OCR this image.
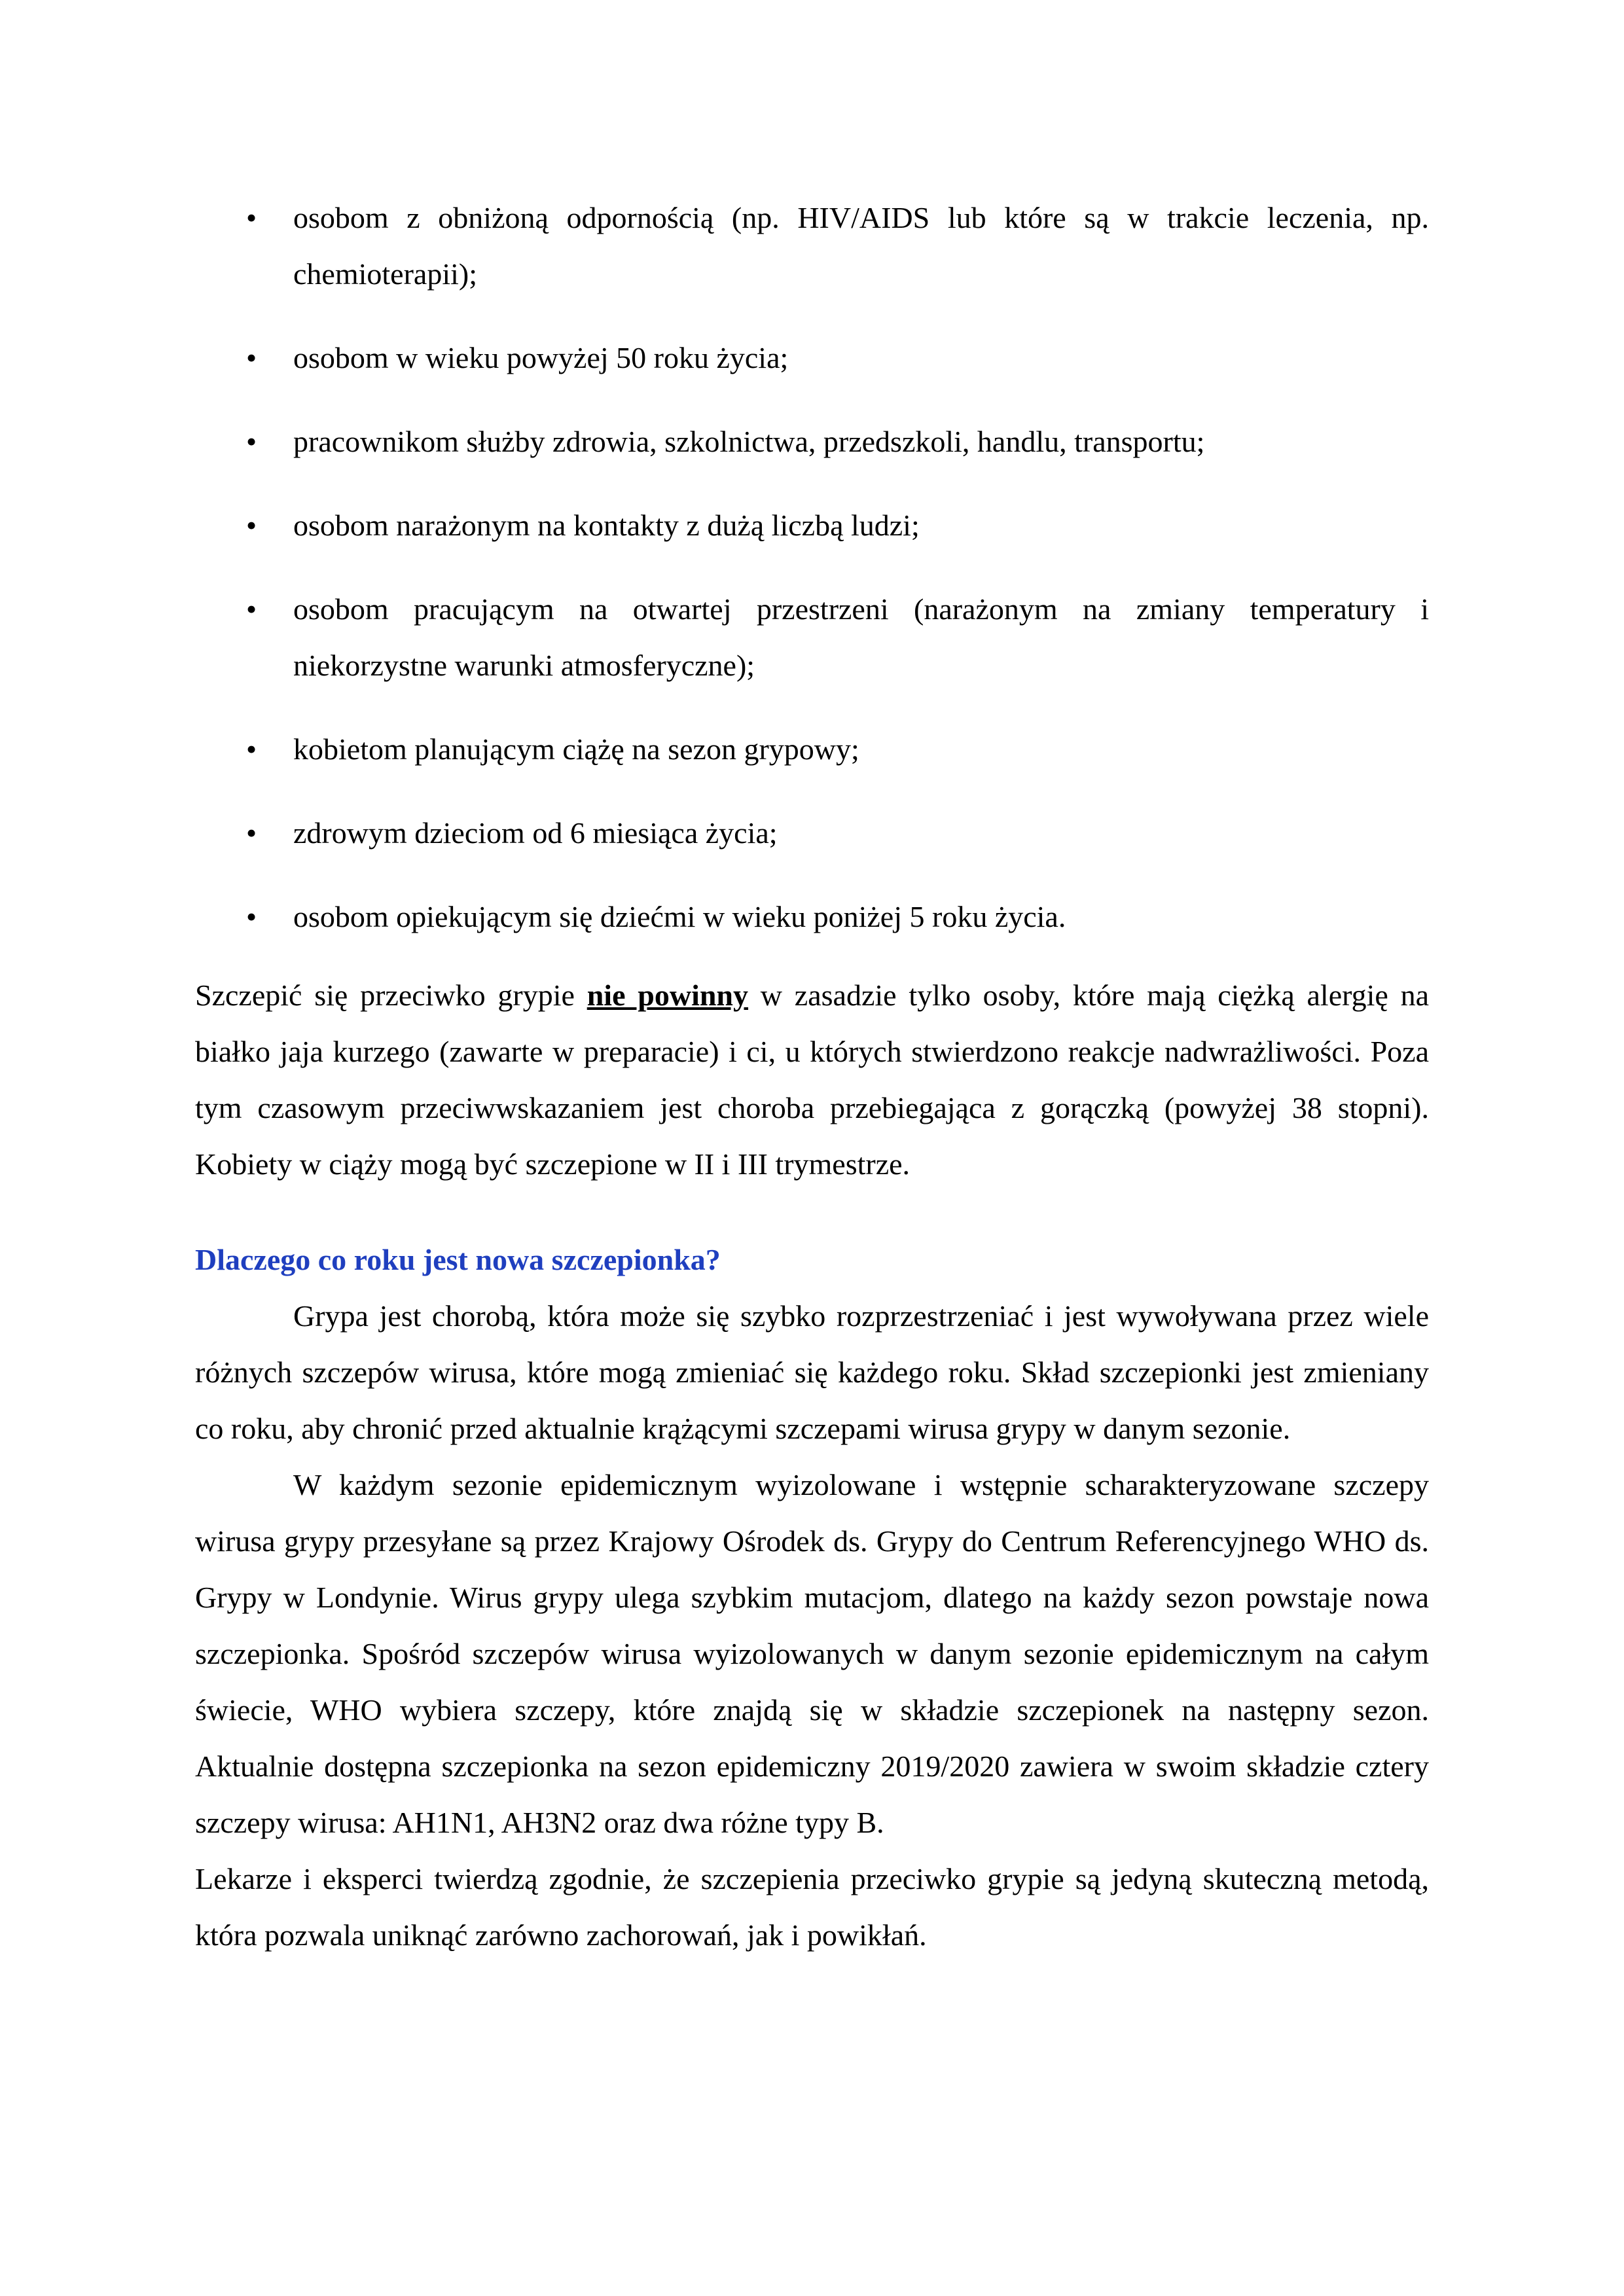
• osobom z obniżoną odpornością (np. HIV/AIDS lub które są w trakcie leczenia, np. chemioterapii);
• osobom w wieku powyżej 50 roku życia;
• pracownikom służby zdrowia, szkolnictwa, przedszkoli, handlu, transportu;
• osobom narażonym na kontakty z dużą liczbą ludzi;
• osobom pracującym na otwartej przestrzeni (narażonym na zmiany temperatury i niekorzystne warunki atmosferyczne);
• kobietom planującym ciążę na sezon grypowy;
• zdrowym dzieciom od 6 miesiąca życia;
• osobom opiekującym się dziećmi w wieku poniżej 5 roku życia.

Szczepić się przeciwko grypie nie powinny w zasadzie tylko osoby, które mają ciężką alergię na białko jaja kurzego (zawarte w preparacie) i ci, u których stwierdzono reakcje nadwrażliwości. Poza tym czasowym przeciwwskazaniem jest choroba przebiegająca z gorączką (powyżej 38 stopni). Kobiety w ciąży mogą być szczepione w II i III trymestrze.

Dlaczego co roku jest nowa szczepionka?

Grypa jest chorobą, która może się szybko rozprzestrzeniać i jest wywoływana przez wiele różnych szczepów wirusa, które mogą zmieniać się każdego roku. Skład szczepionki jest zmieniany co roku, aby chronić przed aktualnie krążącymi szczepami wirusa grypy w danym sezonie.

W każdym sezonie epidemicznym wyizolowane i wstępnie scharakteryzowane szczepy wirusa grypy przesyłane są przez Krajowy Ośrodek ds. Grypy do Centrum Referencyjnego WHO ds. Grypy w Londynie. Wirus grypy ulega szybkim mutacjom, dlatego na każdy sezon powstaje nowa szczepionka. Spośród szczepów wirusa wyizolowanych w danym sezonie epidemicznym na całym świecie, WHO wybiera szczepy, które znajdą się w składzie szczepionek na następny sezon. Aktualnie dostępna szczepionka na sezon epidemiczny 2019/2020 zawiera w swoim składzie cztery szczepy wirusa: AH1N1, AH3N2 oraz dwa różne typy B.

Lekarze i eksperci twierdzą zgodnie, że szczepienia przeciwko grypie są jedyną skuteczną metodą, która pozwala uniknąć zarówno zachorowań, jak i powikłań.
